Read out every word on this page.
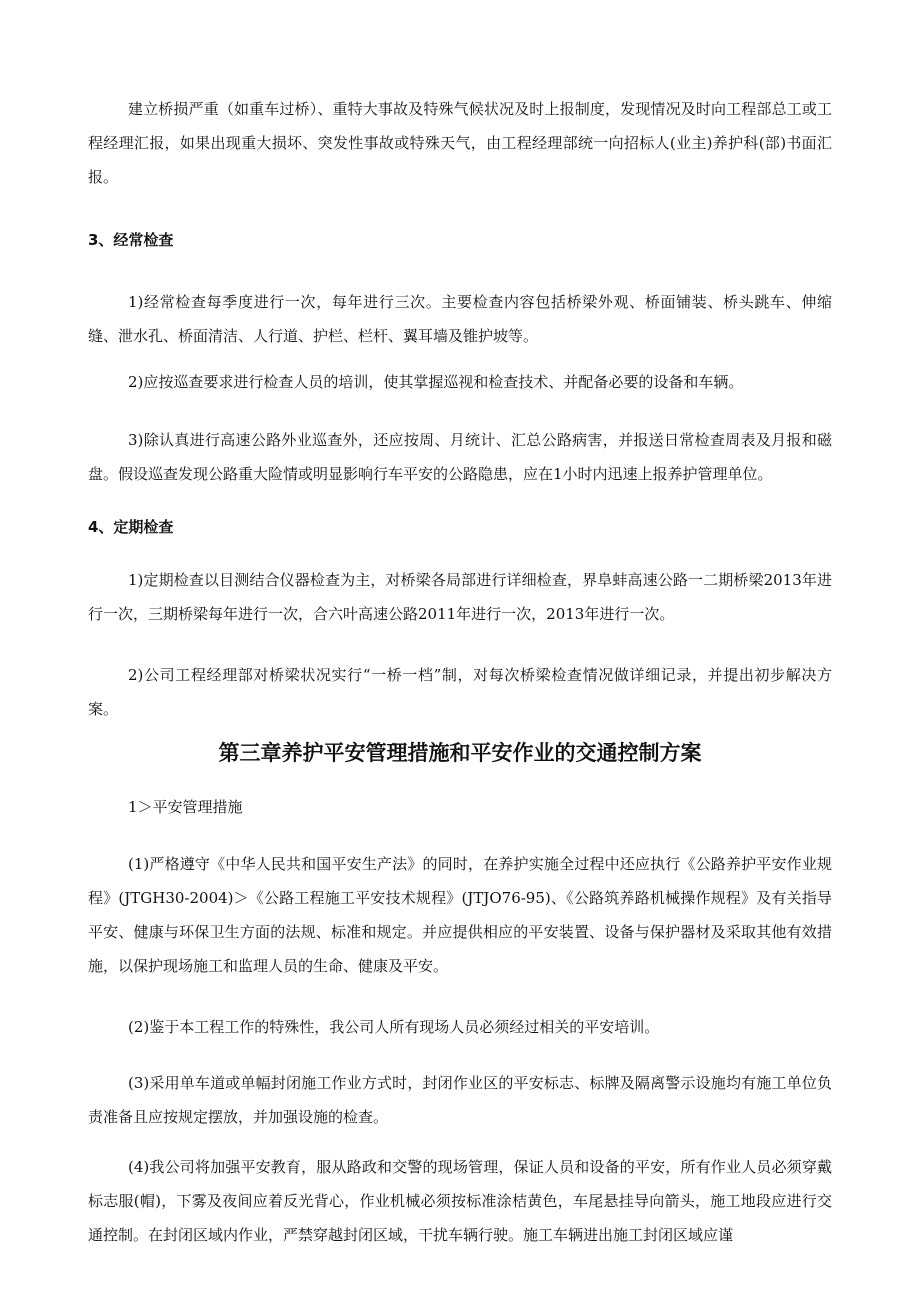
建立桥损严重（如重车过桥）、重特大事故及特殊气候状况及时上报制度，发现情况及时向工程部总工或工程经理汇报，如果出现重大损坏、突发性事故或特殊天气，由工程经理部统一向招标人(业主)养护科(部)书面汇报。

3、经常检查

1)经常检查每季度进行一次，每年进行三次。主要检查内容包括桥梁外观、桥面铺装、桥头跳车、伸缩缝、泄水孔、桥面清洁、人行道、护栏、栏杆、翼耳墙及锥护坡等。

2)应按巡查要求进行检查人员的培训，使其掌握巡视和检查技术、并配备必要的设备和车辆。

3)除认真进行高速公路外业巡查外，还应按周、月统计、汇总公路病害，并报送日常检查周表及月报和磁盘。假设巡查发现公路重大险情或明显影响行车平安的公路隐患，应在1小时内迅速上报养护管理单位。

4、定期检查

1)定期检查以目测结合仪器检查为主，对桥梁各局部进行详细检查，界阜蚌高速公路一二期桥梁2013年进行一次，三期桥梁每年进行一次，合六叶高速公路2011年进行一次，2013年进行一次。

2)公司工程经理部对桥梁状况实行“一桥一档”制，对每次桥梁检查情况做详细记录，并提出初步解决方案。

第三章养护平安管理措施和平安作业的交通控制方案

1＞平安管理措施

(1)严格遵守《中华人民共和国平安生产法》的同时，在养护实施全过程中还应执行《公路养护平安作业规程》(JTGH30-2004)＞《公路工程施工平安技术规程》(JTJO76-95)、《公路筑养路机械操作规程》及有关指导平安、健康与环保卫生方面的法规、标准和规定。并应提供相应的平安装置、设备与保护器材及采取其他有效措施，以保护现场施工和监理人员的生命、健康及平安。

(2)鉴于本工程工作的特殊性，我公司人所有现场人员必须经过相关的平安培训。

(3)采用单车道或单幅封闭施工作业方式时，封闭作业区的平安标志、标牌及隔离警示设施均有施工单位负责准备且应按规定摆放，并加强设施的检查。

(4)我公司将加强平安教育，服从路政和交警的现场管理，保证人员和设备的平安，所有作业人员必须穿戴标志服(帽)，下雾及夜间应着反光背心，作业机械必须按标准涂桔黄色，车尾悬挂导向箭头，施工地段应进行交通控制。在封闭区域内作业，严禁穿越封闭区域，干扰车辆行驶。施工车辆进出施工封闭区域应谨
